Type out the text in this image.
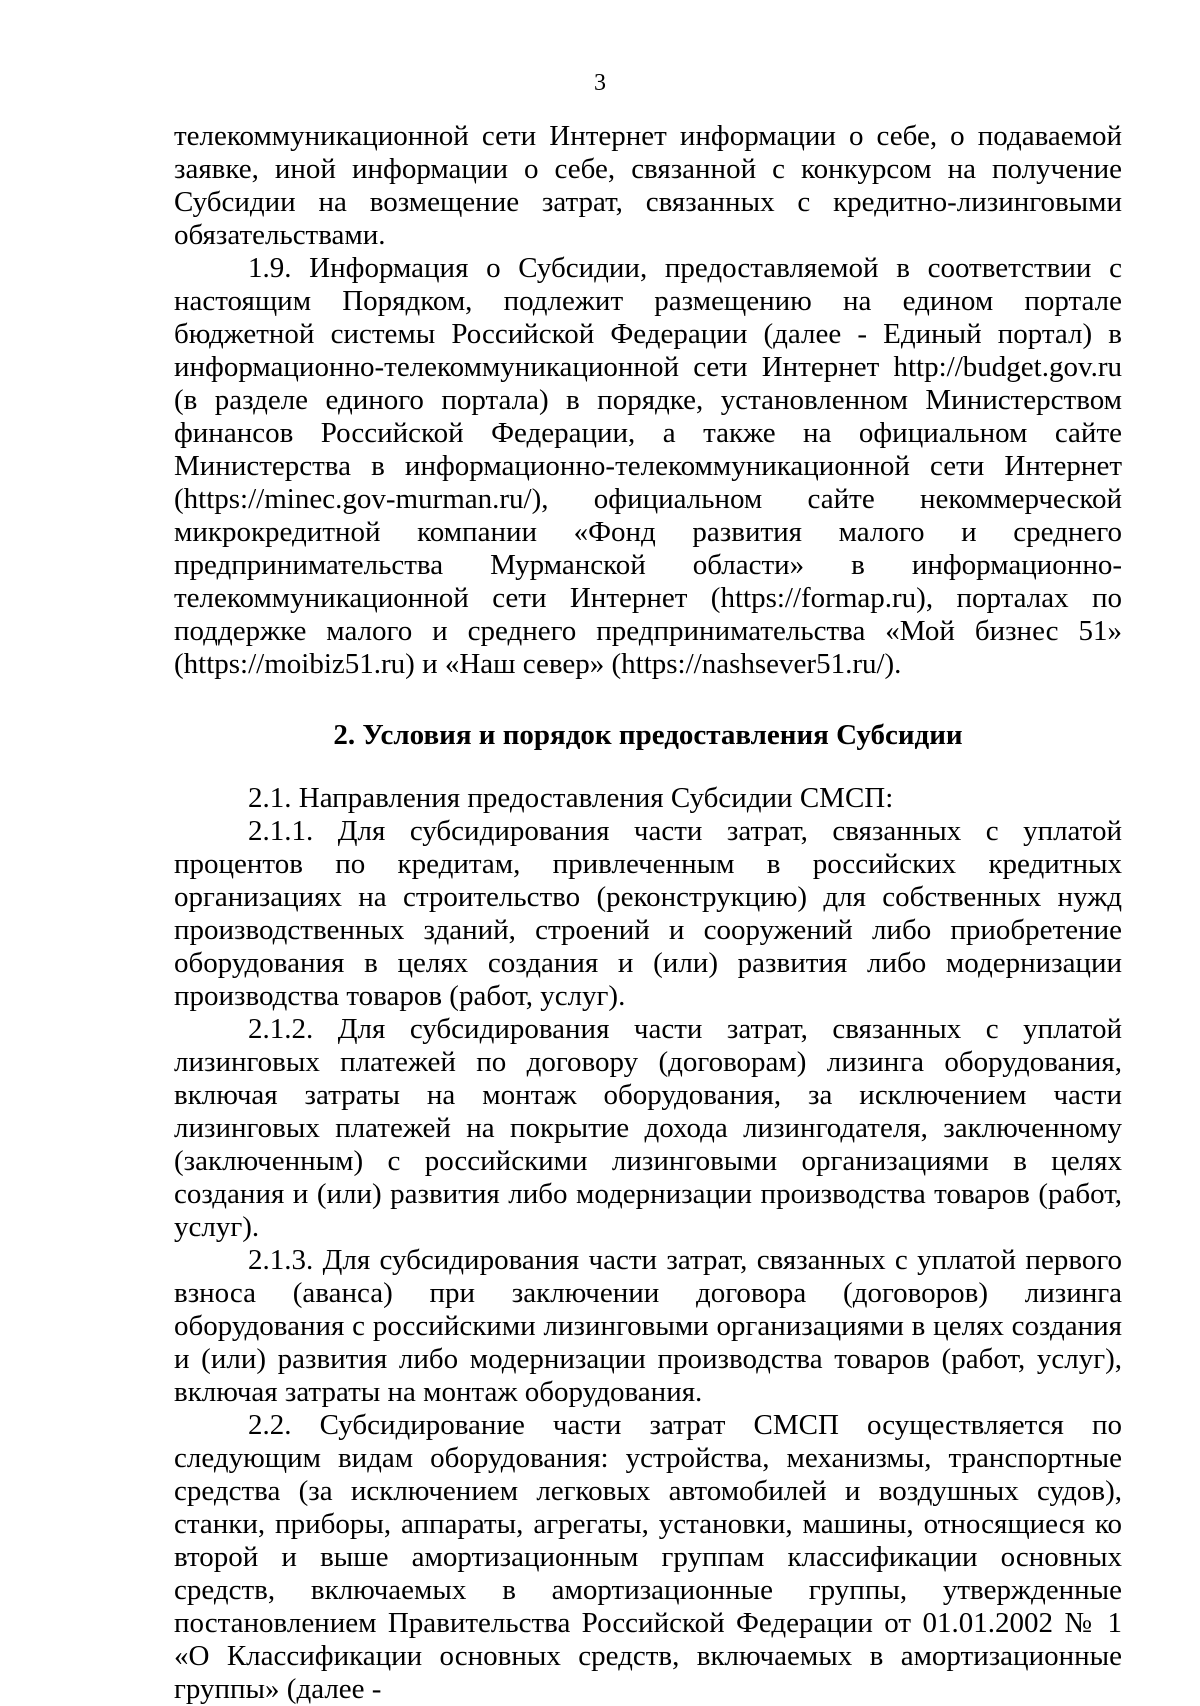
3

телекоммуникационной сети Интернет информации о себе, о подаваемой заявке, иной информации о себе, связанной с конкурсом на получение Субсидии на возмещение затрат, связанных с кредитно-лизинговыми обязательствами.

1.9. Информация о Субсидии, предоставляемой в соответствии с настоящим Порядком, подлежит размещению на едином портале бюджетной системы Российской Федерации (далее - Единый портал) в информационно-телекоммуникационной сети Интернет http://budget.gov.ru (в разделе единого портала) в порядке, установленном Министерством финансов Российской Федерации, а также на официальном сайте Министерства в информационно-телекоммуникационной сети Интернет (https://minec.gov-murman.ru/), официальном сайте некоммерческой микрокредитной компании «Фонд развития малого и среднего предпринимательства Мурманской области» в информационно-телекоммуникационной сети Интернет (https://formap.ru), порталах по поддержке малого и среднего предпринимательства «Мой бизнес 51» (https://moibiz51.ru) и «Наш север» (https://nashsever51.ru/).

2. Условия и порядок предоставления Субсидии

2.1. Направления предоставления Субсидии СМСП:

2.1.1. Для субсидирования части затрат, связанных с уплатой процентов по кредитам, привлеченным в российских кредитных организациях на строительство (реконструкцию) для собственных нужд производственных зданий, строений и сооружений либо приобретение оборудования в целях создания и (или) развития либо модернизации производства товаров (работ, услуг).

2.1.2. Для субсидирования части затрат, связанных с уплатой лизинговых платежей по договору (договорам) лизинга оборудования, включая затраты на монтаж оборудования, за исключением части лизинговых платежей на покрытие дохода лизингодателя, заключенному (заключенным) с российскими лизинговыми организациями в целях создания и (или) развития либо модернизации производства товаров (работ, услуг).

2.1.3. Для субсидирования части затрат, связанных с уплатой первого взноса (аванса) при заключении договора (договоров) лизинга оборудования с российскими лизинговыми организациями в целях создания и (или) развития либо модернизации производства товаров (работ, услуг), включая затраты на монтаж оборудования.

2.2. Субсидирование части затрат СМСП осуществляется по следующим видам оборудования: устройства, механизмы, транспортные средства (за исключением легковых автомобилей и воздушных судов), станки, приборы, аппараты, агрегаты, установки, машины, относящиеся ко второй и выше амортизационным группам классификации основных средств, включаемых в амортизационные группы, утвержденные постановлением Правительства Российской Федерации от 01.01.2002 № 1 «О Классификации основных средств, включаемых в амортизационные группы» (далее -
